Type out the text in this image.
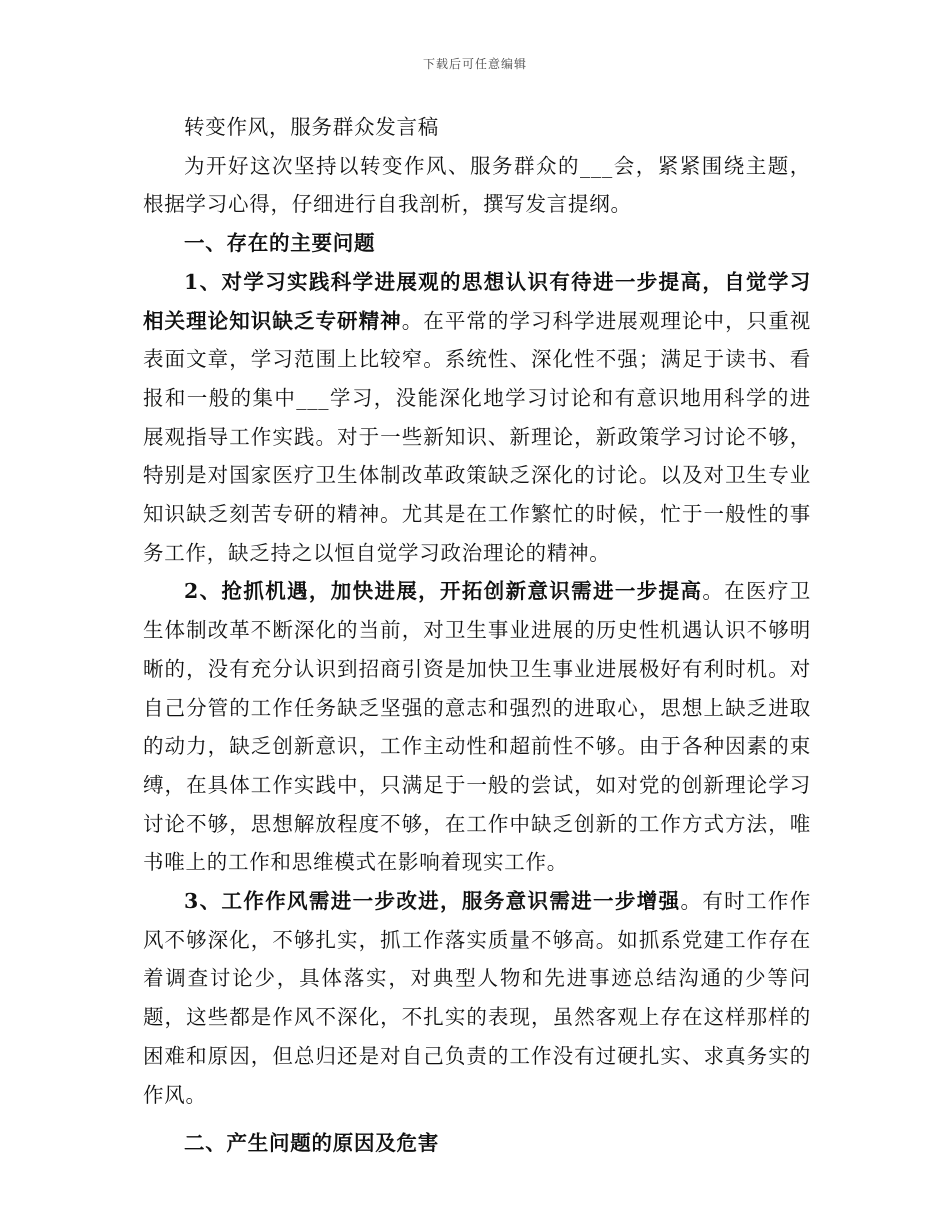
下载后可任意编辑

转变作风，服务群众发言稿

为开好这次坚持以转变作风、服务群众的___会，紧紧围绕主题，根据学习心得，仔细进行自我剖析，撰写发言提纲。

一、存在的主要问题

1、对学习实践科学进展观的思想认识有待进一步提高，自觉学习相关理论知识缺乏专研精神。在平常的学习科学进展观理论中，只重视表面文章，学习范围上比较窄。系统性、深化性不强；满足于读书、看报和一般的集中___学习，没能深化地学习讨论和有意识地用科学的进展观指导工作实践。对于一些新知识、新理论，新政策学习讨论不够，特别是对国家医疗卫生体制改革政策缺乏深化的讨论。以及对卫生专业知识缺乏刻苦专研的精神。尤其是在工作繁忙的时候，忙于一般性的事务工作，缺乏持之以恒自觉学习政治理论的精神。

2、抢抓机遇，加快进展，开拓创新意识需进一步提高。在医疗卫生体制改革不断深化的当前，对卫生事业进展的历史性机遇认识不够明晰的，没有充分认识到招商引资是加快卫生事业进展极好有利时机。对自己分管的工作任务缺乏坚强的意志和强烈的进取心，思想上缺乏进取的动力，缺乏创新意识，工作主动性和超前性不够。由于各种因素的束缚，在具体工作实践中，只满足于一般的尝试，如对党的创新理论学习讨论不够，思想解放程度不够，在工作中缺乏创新的工作方式方法，唯书唯上的工作和思维模式在影响着现实工作。

3、工作作风需进一步改进，服务意识需进一步增强。有时工作作风不够深化，不够扎实，抓工作落实质量不够高。如抓系党建工作存在着调查讨论少，具体落实，对典型人物和先进事迹总结沟通的少等问题，这些都是作风不深化，不扎实的表现，虽然客观上存在这样那样的困难和原因，但总归还是对自己负责的工作没有过硬扎实、求真务实的作风。

二、产生问题的原因及危害
